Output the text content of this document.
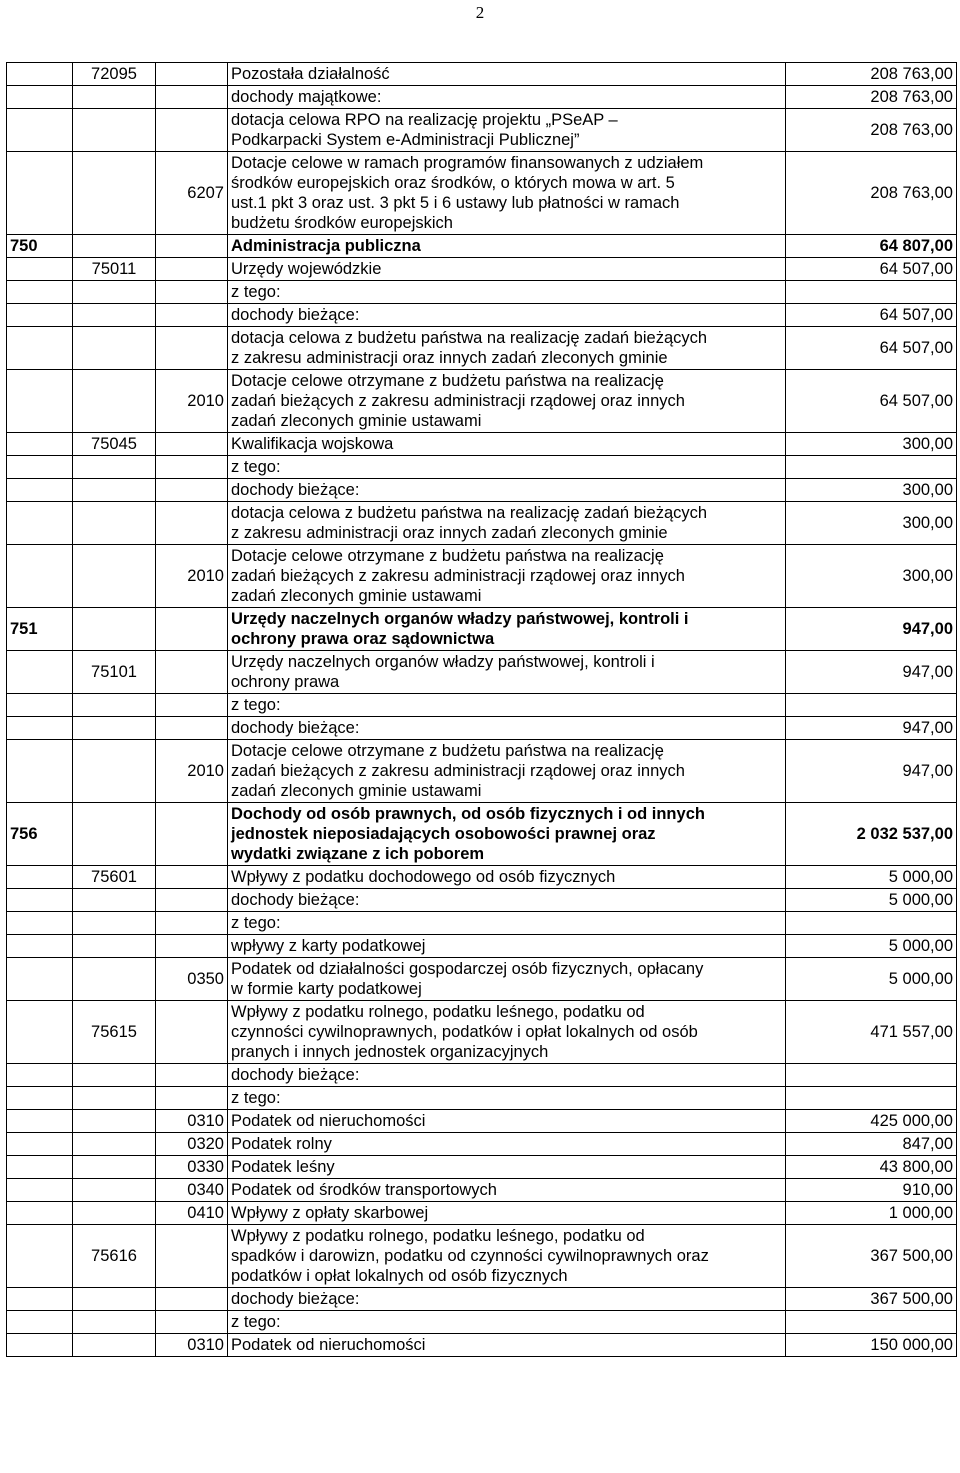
2
	72095		Pozostała działalność	208 763,00
			dochody majątkowe:	208 763,00
			dotacja celowa RPO na realizację projektu „PSeAP –
Podkarpacki System e-Administracji Publicznej”	208 763,00
		6207	Dotacje celowe w ramach programów finansowanych z udziałem
środków europejskich oraz środków, o których mowa w art. 5
ust.1 pkt 3 oraz ust. 3 pkt 5 i 6 ustawy lub płatności w ramach
budżetu środków europejskich	208 763,00
750			Administracja publiczna	64 807,00
	75011		Urzędy wojewódzkie	64 507,00
			z tego:	
			dochody bieżące:	64 507,00
			dotacja celowa z budżetu państwa na realizację zadań bieżących
z zakresu administracji oraz innych zadań zleconych gminie	64 507,00
		2010	Dotacje celowe otrzymane z budżetu państwa na realizację
zadań bieżących z zakresu administracji rządowej oraz innych
zadań zleconych gminie ustawami	64 507,00
	75045		Kwalifikacja wojskowa	300,00
			z tego:	
			dochody bieżące:	300,00
			dotacja celowa z budżetu państwa na realizację zadań bieżących
z zakresu administracji oraz innych zadań zleconych gminie	300,00
		2010	Dotacje celowe otrzymane z budżetu państwa na realizację
zadań bieżących z zakresu administracji rządowej oraz innych
zadań zleconych gminie ustawami	300,00
751			Urzędy naczelnych organów władzy państwowej, kontroli i
ochrony prawa oraz sądownictwa	947,00
	75101		Urzędy naczelnych organów władzy państwowej, kontroli i
ochrony prawa	947,00
			z tego:	
			dochody bieżące:	947,00
		2010	Dotacje celowe otrzymane z budżetu państwa na realizację
zadań bieżących z zakresu administracji rządowej oraz innych
zadań zleconych gminie ustawami	947,00
756			Dochody od osób prawnych, od osób fizycznych i od innych
jednostek nieposiadających osobowości prawnej oraz
wydatki związane z ich poborem	2 032 537,00
	75601		Wpływy z podatku dochodowego od osób fizycznych	5 000,00
			dochody bieżące:	5 000,00
			z tego:	
			wpływy z karty podatkowej	5 000,00
		0350	Podatek od działalności gospodarczej osób fizycznych, opłacany
w formie karty podatkowej	5 000,00
	75615		Wpływy z podatku rolnego, podatku leśnego, podatku od
czynności cywilnoprawnych, podatków i opłat lokalnych od osób
pranych i innych jednostek organizacyjnych	471 557,00
			dochody bieżące:	
			z tego:	
		0310	Podatek od nieruchomości	425 000,00
		0320	Podatek rolny	847,00
		0330	Podatek leśny	43 800,00
		0340	Podatek od środków transportowych	910,00
		0410	Wpływy z opłaty skarbowej	1 000,00
	75616		Wpływy z podatku rolnego, podatku leśnego, podatku od
spadków i darowizn, podatku od czynności cywilnoprawnych oraz
podatków i opłat lokalnych od osób fizycznych	367 500,00
			dochody bieżące:	367 500,00
			z tego:	
		0310	Podatek od nieruchomości	150 000,00
